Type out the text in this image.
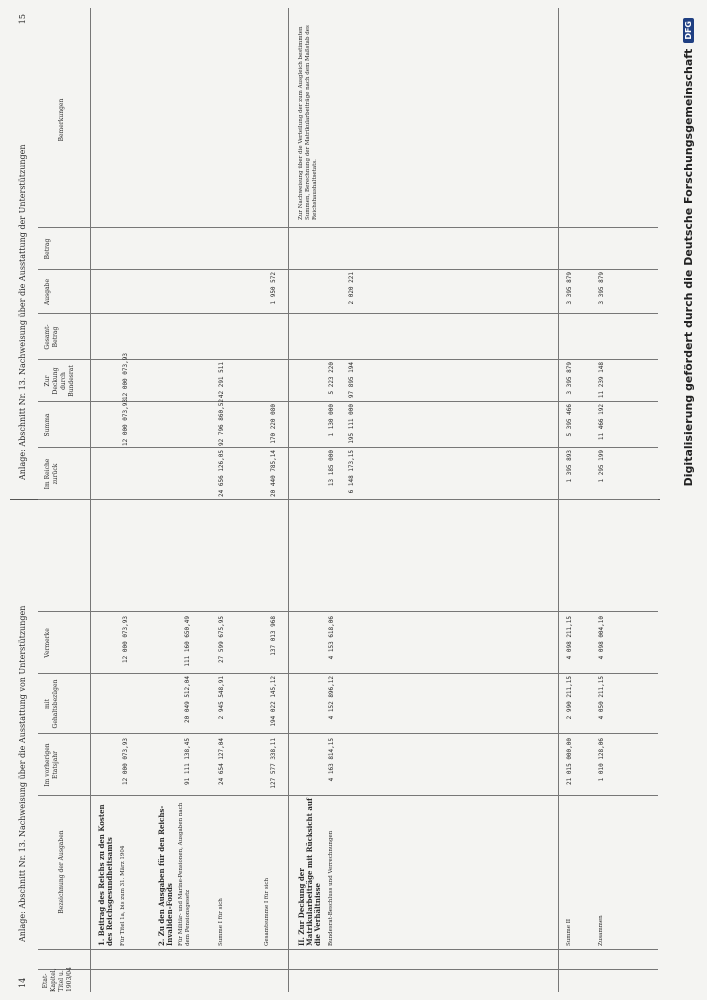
14
Anlage: Abschnitt Nr. 13. Nachweisung über die Ausstattung von Unterstützungen
Etat-Kapitel, Titel u. 1903/04
Bezeichnung der Ausgaben
Im vorherigen Etatsjahr
mit Gehaltsbezügen
Vermerke
1. Beitrag des Reichs zu den Kosten des Reichsgesundheitsamts Für Titel 1a, bis zum 31. März 1904
12 000 073,93
12 000 073,93
2. Zu den Ausgaben für den Reichs-Invaliden-Fonds Für Militär- und Marine-Pensionen, Ausgaben nach dem Pensionsgesetz
91 111 138,45
20 049 512,04
111 160 650,49
Summe I für sich
24 654 127,04
2 945 548,91
27 599 675,95
Gesamtsumme I für sich
127 577 338,11
194 022 145,12
137 013 968
II. Zur Deckung der Matrikularbeiträge mit Rücksicht auf die Verhältnisse Bundesrat-Beschluss und Verrechnungen
4 163 814,15
4 152 896,12
4 153 618,06
Summe II
21 015 000,00
2 990 211,15
4 098 211,15
Zusammen
1 010 128,06
4 050 211,15
4 098 004,10
Anlage: Abschnitt Nr. 13. Nachweisung über die Ausstattung der Unterstützungen
15
Im Reiche zurück
Summa
Zur Deckung durch Bundesrat
Gesamt-Betrag
Ausgabe
Betrag
Bemerkungen
12 000 073,93
12 000 073,93
24 656 126,05
92 796 860,52
42 291 511
20 440 785,14
170 220 080
1 950 572
13 185 000
1 130 000
5 223 220
6 148 173,15
195 111 000
97 895 194
2 020 221
1 395 893
5 395 466
3 395 879
3 395 879
1 295 199
11 466 192
11 239 148
3 395 879
Zur Nachweisung über die Verteilung der zum Ausgleich bestimmten Summen, Berechnung der Matrikularbeiträge nach dem Maßstab des Reichshaushaltsetats.	Digitalisierung gefördert durch die Deutsche Forschungsgemeinschaft
DFG
